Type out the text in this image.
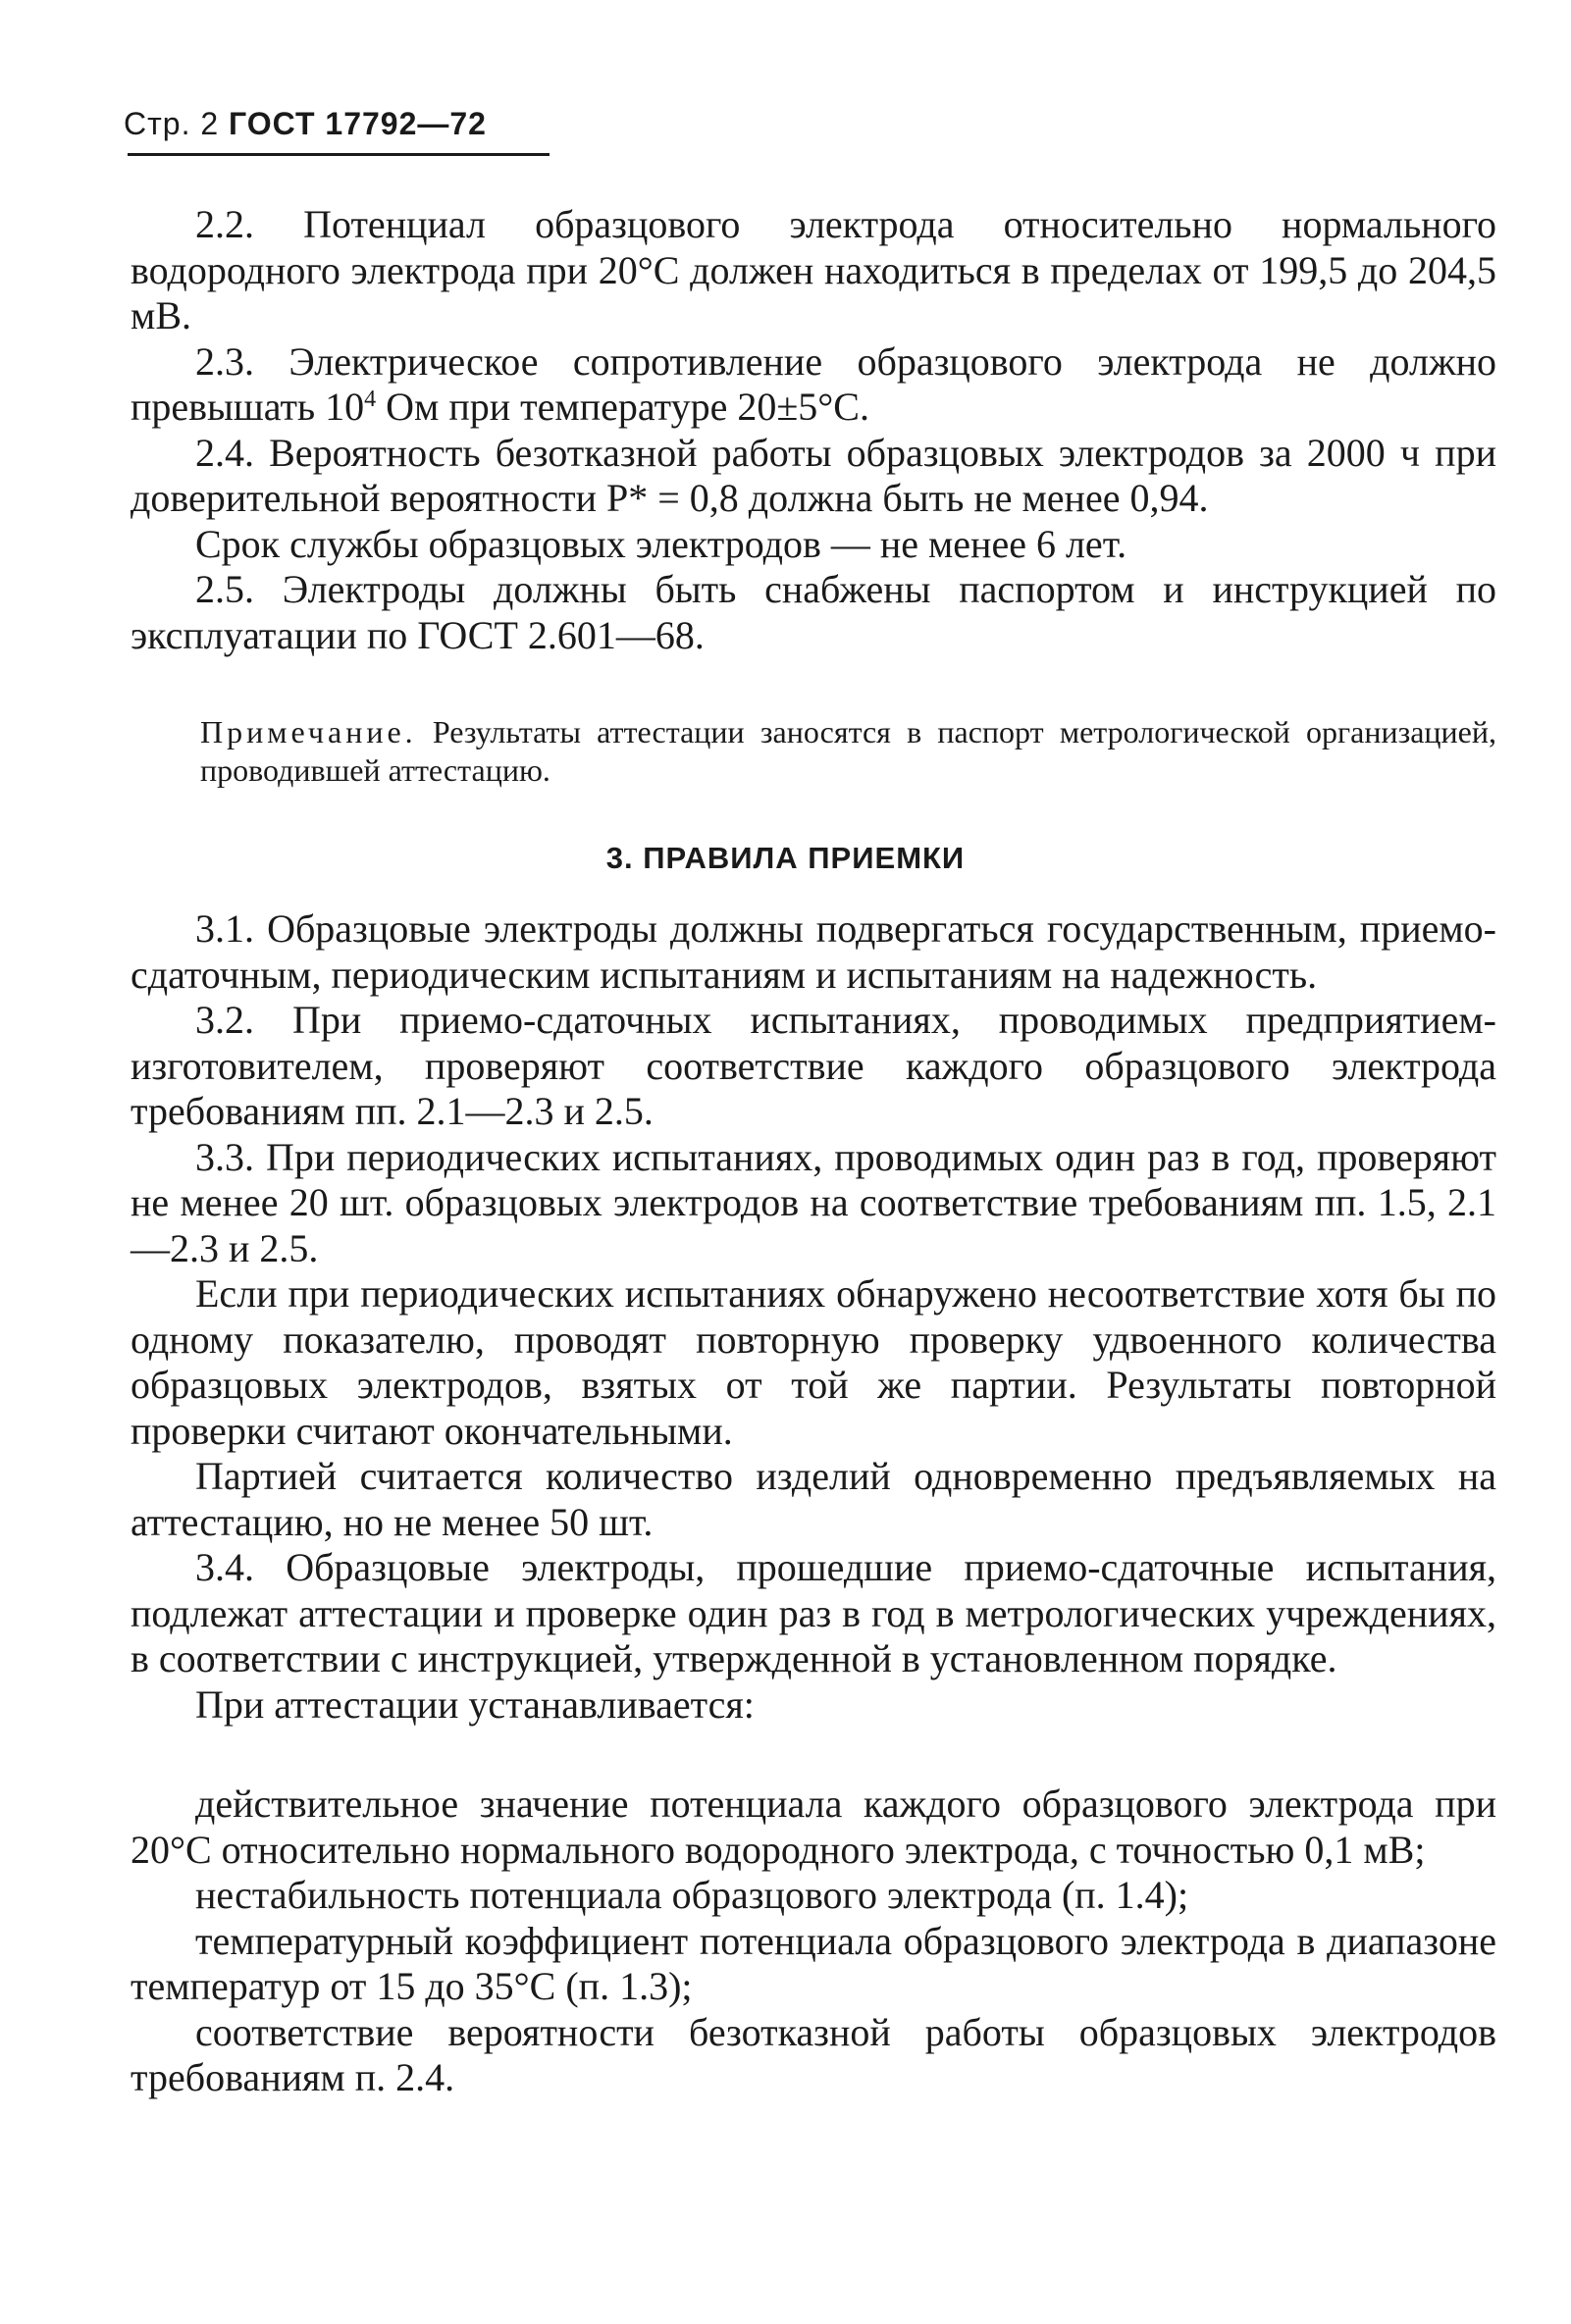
Стр. 2 ГОСТ 17792—72

2.2. Потенциал образцового электрода относительно нормального водородного электрода при 20°С должен находиться в пределах от 199,5 до 204,5 мВ.

2.3. Электрическое сопротивление образцового электрода не должно превышать $10^4$ Ом при температуре 20±5°С.

2.4. Вероятность безотказной работы образцовых электродов за 2000 ч при доверительной вероятности Р* = 0,8 должна быть не менее 0,94.

Срок службы образцовых электродов — не менее 6 лет.

2.5. Электроды должны быть снабжены паспортом и инструкцией по эксплуатации по ГОСТ 2.601—68.

Примечание. Результаты аттестации заносятся в паспорт метрологической организацией, проводившей аттестацию.
3. ПРАВИЛА ПРИЕМКИ

3.1. Образцовые электроды должны подвергаться государственным, приемо-сдаточным, периодическим испытаниям и испытаниям на надежность.

3.2. При приемо-сдаточных испытаниях, проводимых предприятием-изготовителем, проверяют соответствие каждого образцового электрода требованиям пп. 2.1—2.3 и 2.5.

3.3. При периодических испытаниях, проводимых один раз в год, проверяют не менее 20 шт. образцовых электродов на соответствие требованиям пп. 1.5, 2.1—2.3 и 2.5.

Если при периодических испытаниях обнаружено несоответствие хотя бы по одному показателю, проводят повторную проверку удвоенного количества образцовых электродов, взятых от той же партии. Результаты повторной проверки считают окончательными.

Партией считается количество изделий одновременно предъявляемых на аттестацию, но не менее 50 шт.

3.4. Образцовые электроды, прошедшие приемо-сдаточные испытания, подлежат аттестации и проверке один раз в год в метрологических учреждениях, в соответствии с инструкцией, утвержденной в установленном порядке.

При аттестации устанавливается:

действительное значение потенциала каждого образцового электрода при 20°С относительно нормального водородного электрода, с точностью 0,1 мВ;

нестабильность потенциала образцового электрода (п. 1.4);

температурный коэффициент потенциала образцового электрода в диапазоне температур от 15 до 35°С (п. 1.3);

соответствие вероятности безотказной работы образцовых электродов требованиям п. 2.4.
